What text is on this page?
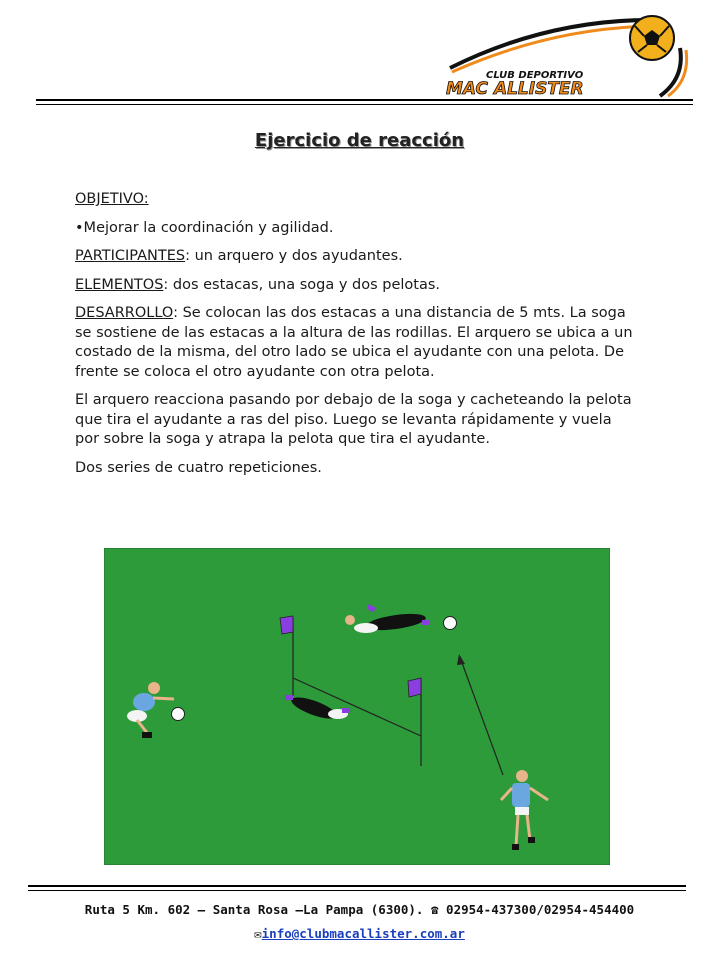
CLUB DEPORTIVO
MAC ALLISTER
Ejercicio de reacción

OBJETIVO:

•Mejorar la coordinación y agilidad.

PARTICIPANTES: un arquero y dos ayudantes.

ELEMENTOS: dos estacas, una soga y dos pelotas.

DESARROLLO: Se colocan las dos estacas a una distancia de 5 mts. La soga se sostiene de las estacas a la altura de las rodillas. El arquero se ubica a un costado de la misma, del otro lado se ubica el ayudante con una pelota. De frente se coloca el otro ayudante con otra pelota.

El arquero reacciona pasando por debajo de la soga y cacheteando la pelota que tira el ayudante a ras del piso. Luego se levanta rápidamente y vuela por sobre la soga y atrapa la pelota que tira el ayudante.

Dos series de cuatro repeticiones.

Ruta 5 Km. 602 – Santa Rosa –La Pampa (6300). ☎ 02954-437300/02954-454400
✉info@clubmacallister.com.ar
